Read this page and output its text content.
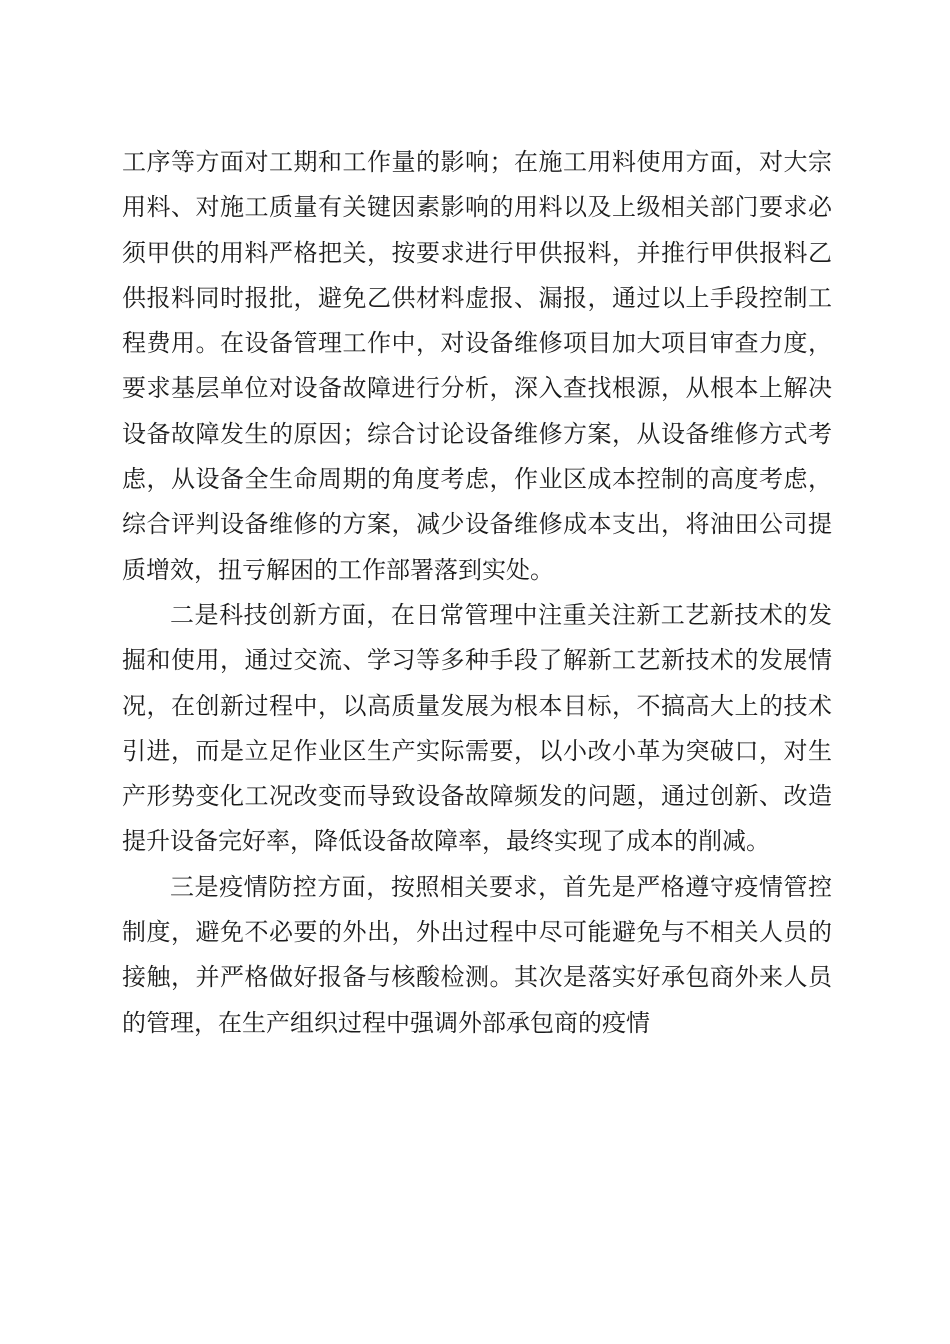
工序等方面对工期和工作量的影响；在施工用料使用方面，对大宗用料、对施工质量有关键因素影响的用料以及上级相关部门要求必须甲供的用料严格把关，按要求进行甲供报料，并推行甲供报料乙供报料同时报批，避免乙供材料虚报、漏报，通过以上手段控制工程费用。在设备管理工作中，对设备维修项目加大项目审查力度，要求基层单位对设备故障进行分析，深入查找根源，从根本上解决设备故障发生的原因；综合讨论设备维修方案，从设备维修方式考虑，从设备全生命周期的角度考虑，作业区成本控制的高度考虑，综合评判设备维修的方案，减少设备维修成本支出，将油田公司提质增效，扭亏解困的工作部署落到实处。

二是科技创新方面，在日常管理中注重关注新工艺新技术的发掘和使用，通过交流、学习等多种手段了解新工艺新技术的发展情况，在创新过程中，以高质量发展为根本目标，不搞高大上的技术引进，而是立足作业区生产实际需要，以小改小革为突破口，对生产形势变化工况改变而导致设备故障频发的问题，通过创新、改造提升设备完好率，降低设备故障率，最终实现了成本的削减。

三是疫情防控方面，按照相关要求，首先是严格遵守疫情管控制度，避免不必要的外出，外出过程中尽可能避免与不相关人员的接触，并严格做好报备与核酸检测。其次是落实好承包商外来人员的管理，在生产组织过程中强调外部承包商的疫情
